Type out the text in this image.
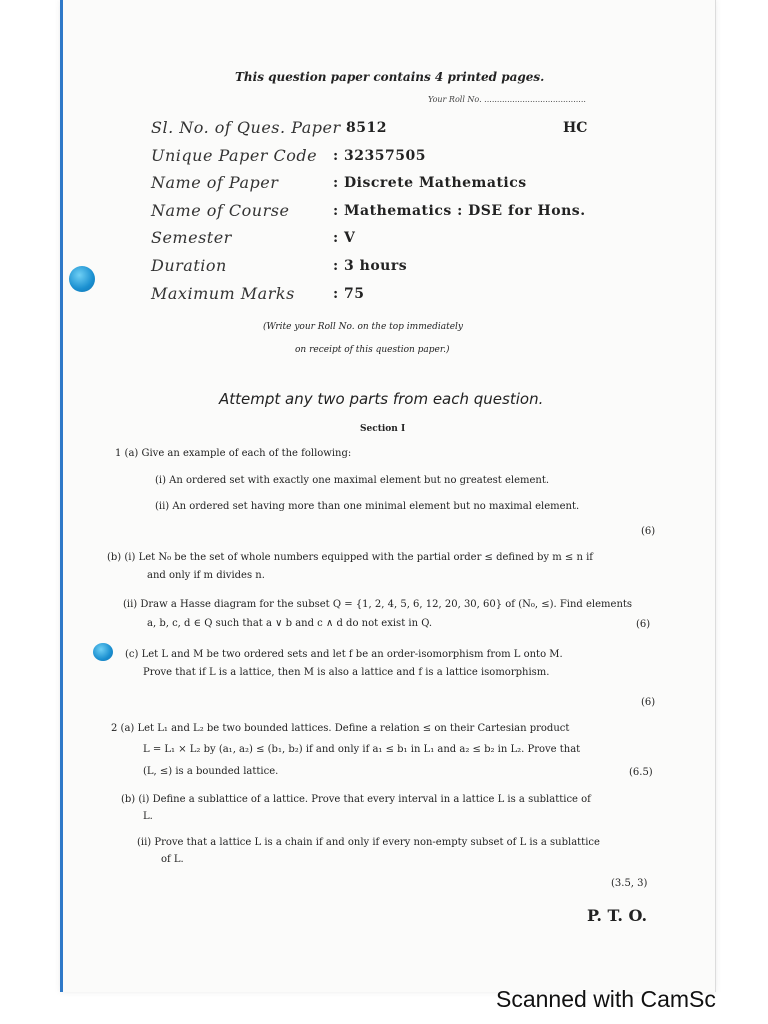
This question paper contains 4 printed pages.
Your Roll No. ........................................
Sl. No. of Ques. Paper 8512	HC
Unique Paper Code : 32357505
Name of Paper	: Discrete Mathematics
Name of Course	: Mathematics : DSE for Hons.
Semester	: V
Duration	: 3 hours
Maximum Marks	: 75
(Write your Roll No. on the top immediately
on receipt of this question paper.)
Attempt any two parts from each question.
Section I
1 (a) Give an example of each of the following:
(i) An ordered set with exactly one maximal element but no greatest element.
(ii) An ordered set having more than one minimal element but no maximal element.
(6)
(b) (i) Let N₀ be the set of whole numbers equipped with the partial order ≤ defined by m ≤ n if
and only if m divides n.
(ii) Draw a Hasse diagram for the subset Q = {1, 2, 4, 5, 6, 12, 20, 30, 60} of (N₀, ≤). Find elements
a, b, c, d ∈ Q such that a ∨ b and c ∧ d do not exist in Q.	(6)
(c) Let L and M be two ordered sets and let f be an order-isomorphism from L onto M.
Prove that if L is a lattice, then M is also a lattice and f is a lattice isomorphism.
(6)
2 (a) Let L₁ and L₂ be two bounded lattices. Define a relation ≤ on their Cartesian product
L = L₁ × L₂ by (a₁, a₂) ≤ (b₁, b₂) if and only if a₁ ≤ b₁ in L₁ and a₂ ≤ b₂ in L₂. Prove that
(L, ≤) is a bounded lattice.	(6.5)
(b) (i) Define a sublattice of a lattice. Prove that every interval in a lattice L is a sublattice of
L.
(ii) Prove that a lattice L is a chain if and only if every non-empty subset of L is a sublattice
of L.
(3.5, 3)
P. T. O.
Scanned with CamSc
